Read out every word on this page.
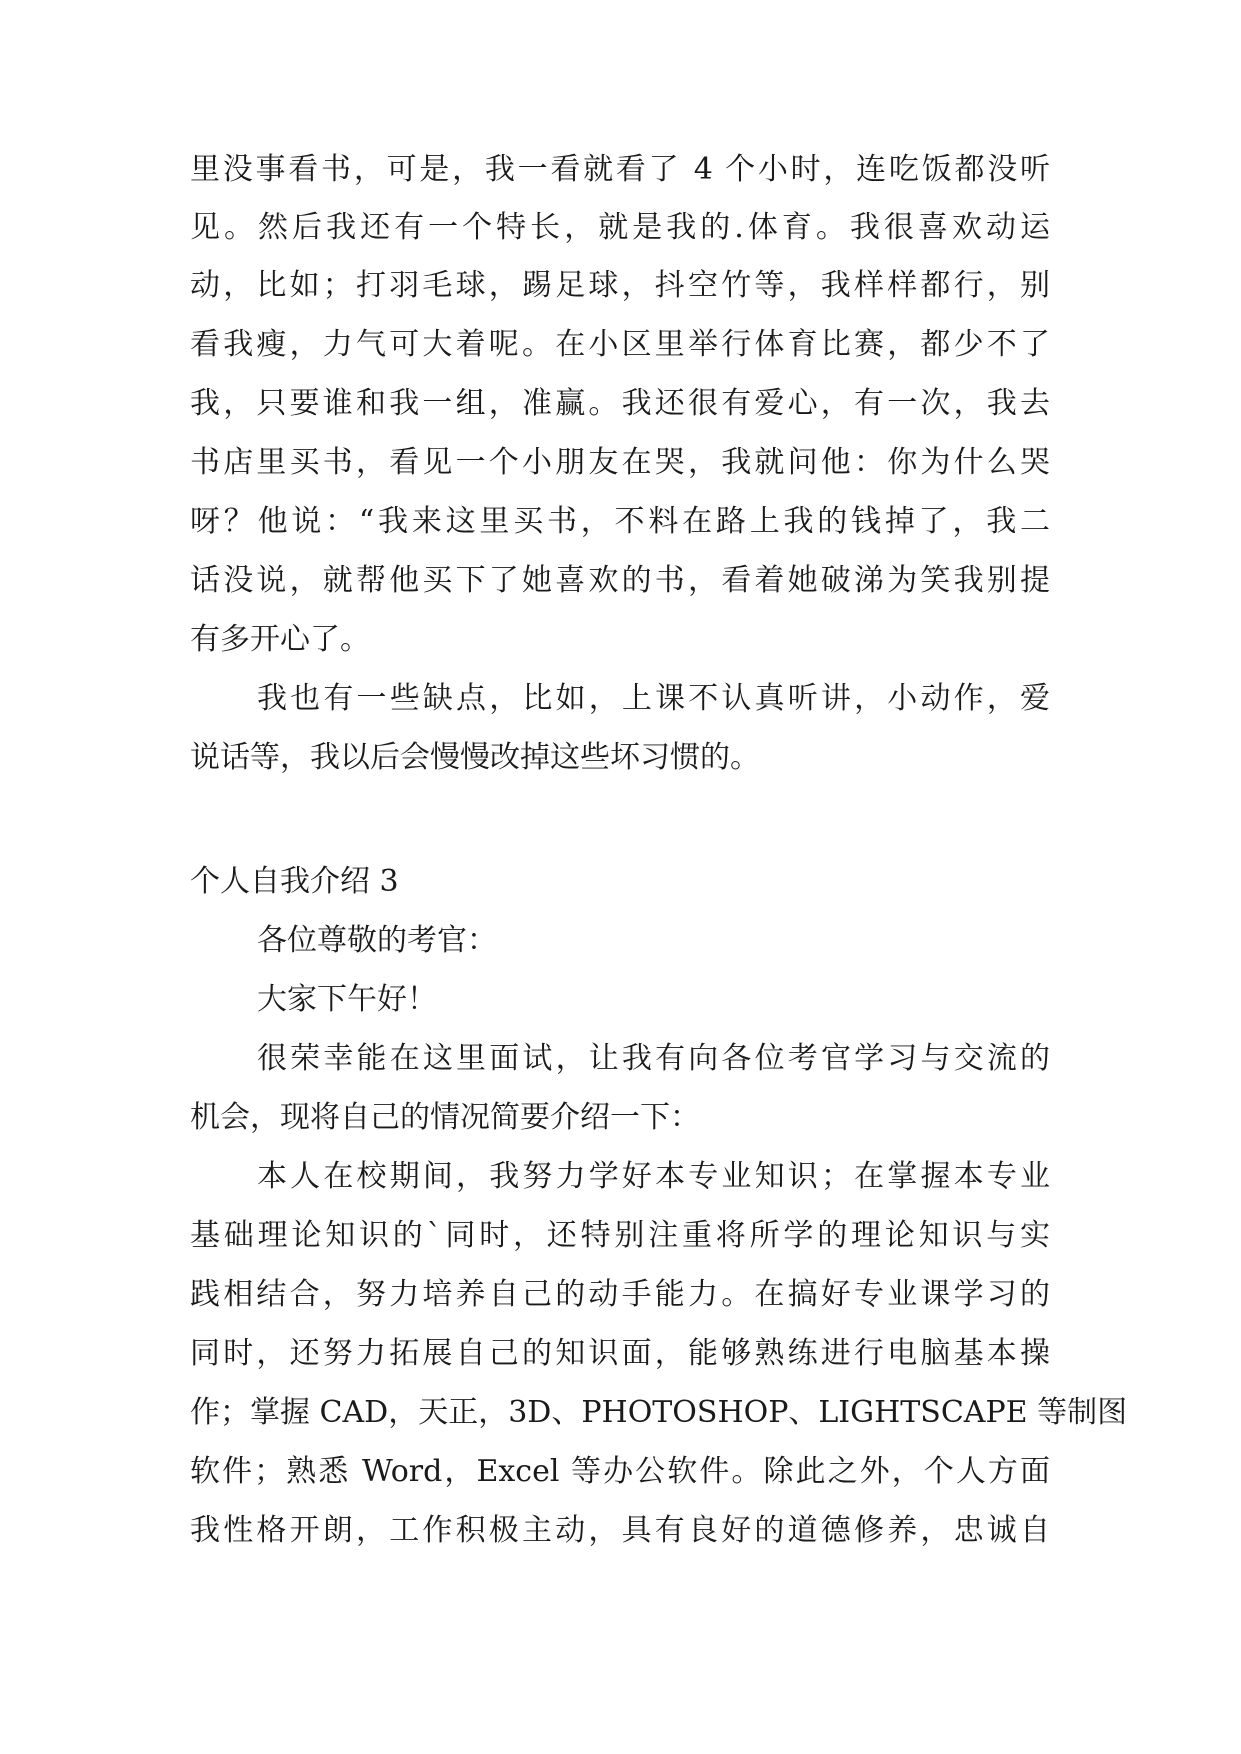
里没事看书，可是，我一看就看了 4 个小时，连吃饭都没听
见。然后我还有一个特长，就是我的.体育。我很喜欢动运
动，比如；打羽毛球，踢足球，抖空竹等，我样样都行，别
看我瘦，力气可大着呢。在小区里举行体育比赛，都少不了
我，只要谁和我一组，准赢。我还很有爱心，有一次，我去
书店里买书，看见一个小朋友在哭，我就问他：你为什么哭
呀？他说：“我来这里买书，不料在路上我的钱掉了，我二
话没说，就帮他买下了她喜欢的书，看着她破涕为笑我别提
有多开心了。
我也有一些缺点，比如，上课不认真听讲，小动作，爱
说话等，我以后会慢慢改掉这些坏习惯的。
个人自我介绍 3
各位尊敬的考官：
大家下午好！
很荣幸能在这里面试，让我有向各位考官学习与交流的
机会，现将自己的情况简要介绍一下：
本人在校期间，我努力学好本专业知识；在掌握本专业
基础理论知识的`同时，还特别注重将所学的理论知识与实
践相结合，努力培养自己的动手能力。在搞好专业课学习的
同时，还努力拓展自己的知识面，能够熟练进行电脑基本操
作；掌握 CAD，天正，3D、PHOTOSHOP、LIGHTSCAPE 等制图
软件；熟悉 Word，Excel 等办公软件。除此之外，个人方面
我性格开朗，工作积极主动，具有良好的道德修养，忠诚自
